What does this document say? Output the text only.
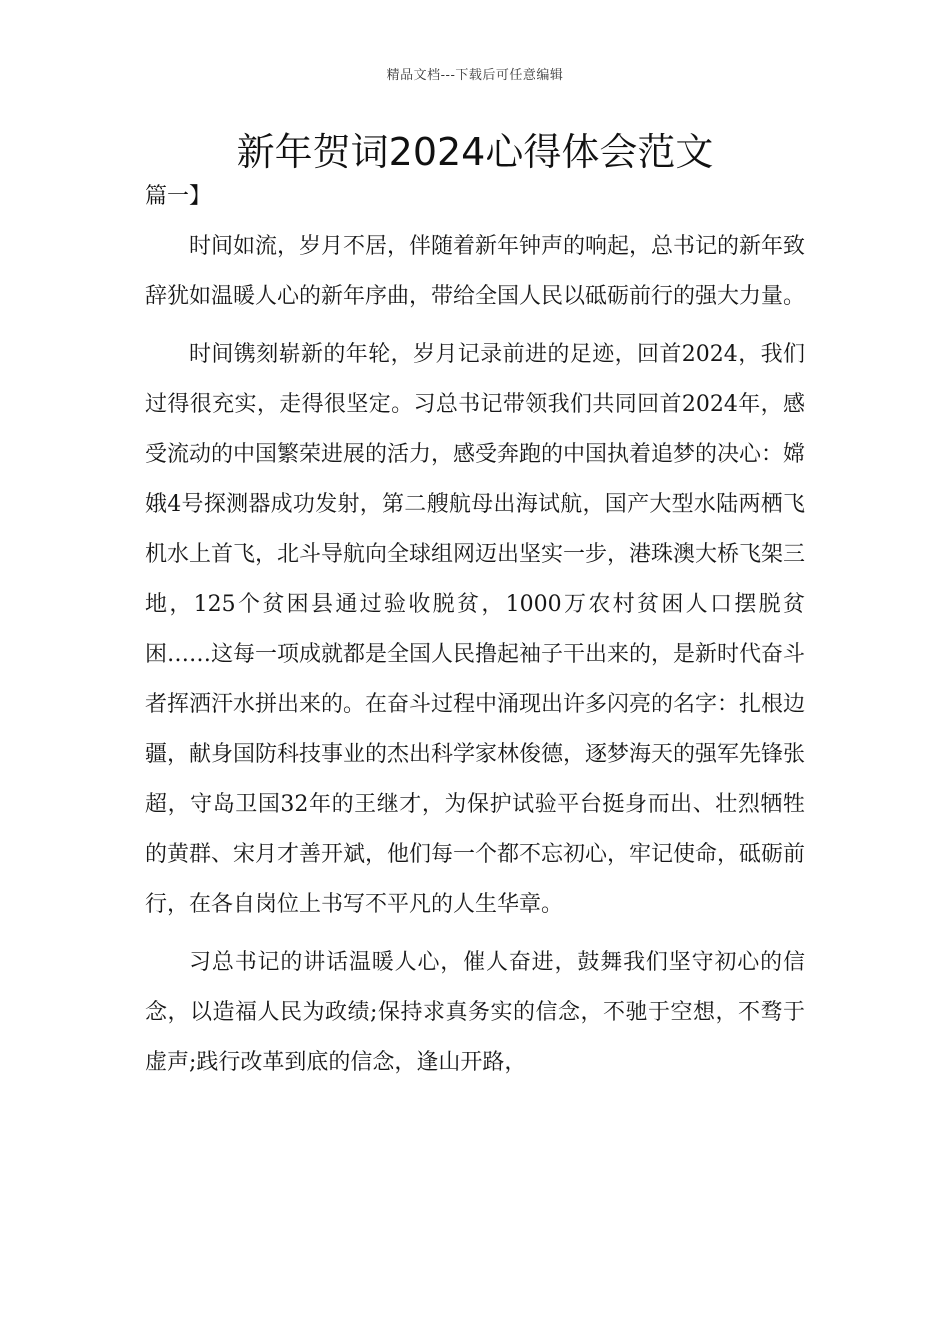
精品文档---下载后可任意编辑
新年贺词2024心得体会范文
篇一】

时间如流，岁月不居，伴随着新年钟声的响起，总书记的新年致辞犹如温暖人心的新年序曲，带给全国人民以砥砺前行的强大力量。

时间镌刻崭新的年轮，岁月记录前进的足迹，回首2024，我们过得很充实，走得很坚定。习总书记带领我们共同回首2024年，感受流动的中国繁荣进展的活力，感受奔跑的中国执着追梦的决心：嫦娥4号探测器成功发射，第二艘航母出海试航，国产大型水陆两栖飞机水上首飞，北斗导航向全球组网迈出坚实一步，港珠澳大桥飞架三地，125个贫困县通过验收脱贫，1000万农村贫困人口摆脱贫困……这每一项成就都是全国人民撸起袖子干出来的，是新时代奋斗者挥洒汗水拼出来的。在奋斗过程中涌现出许多闪亮的名字：扎根边疆，献身国防科技事业的杰出科学家林俊德，逐梦海天的强军先锋张超，守岛卫国32年的王继才，为保护试验平台挺身而出、壮烈牺牲的黄群、宋月才善开斌，他们每一个都不忘初心，牢记使命，砥砺前行，在各自岗位上书写不平凡的人生华章。

习总书记的讲话温暖人心，催人奋进，鼓舞我们坚守初心的信念，以造福人民为政绩;保持求真务实的信念，不驰于空想，不骛于虚声;践行改革到底的信念，逢山开路，
